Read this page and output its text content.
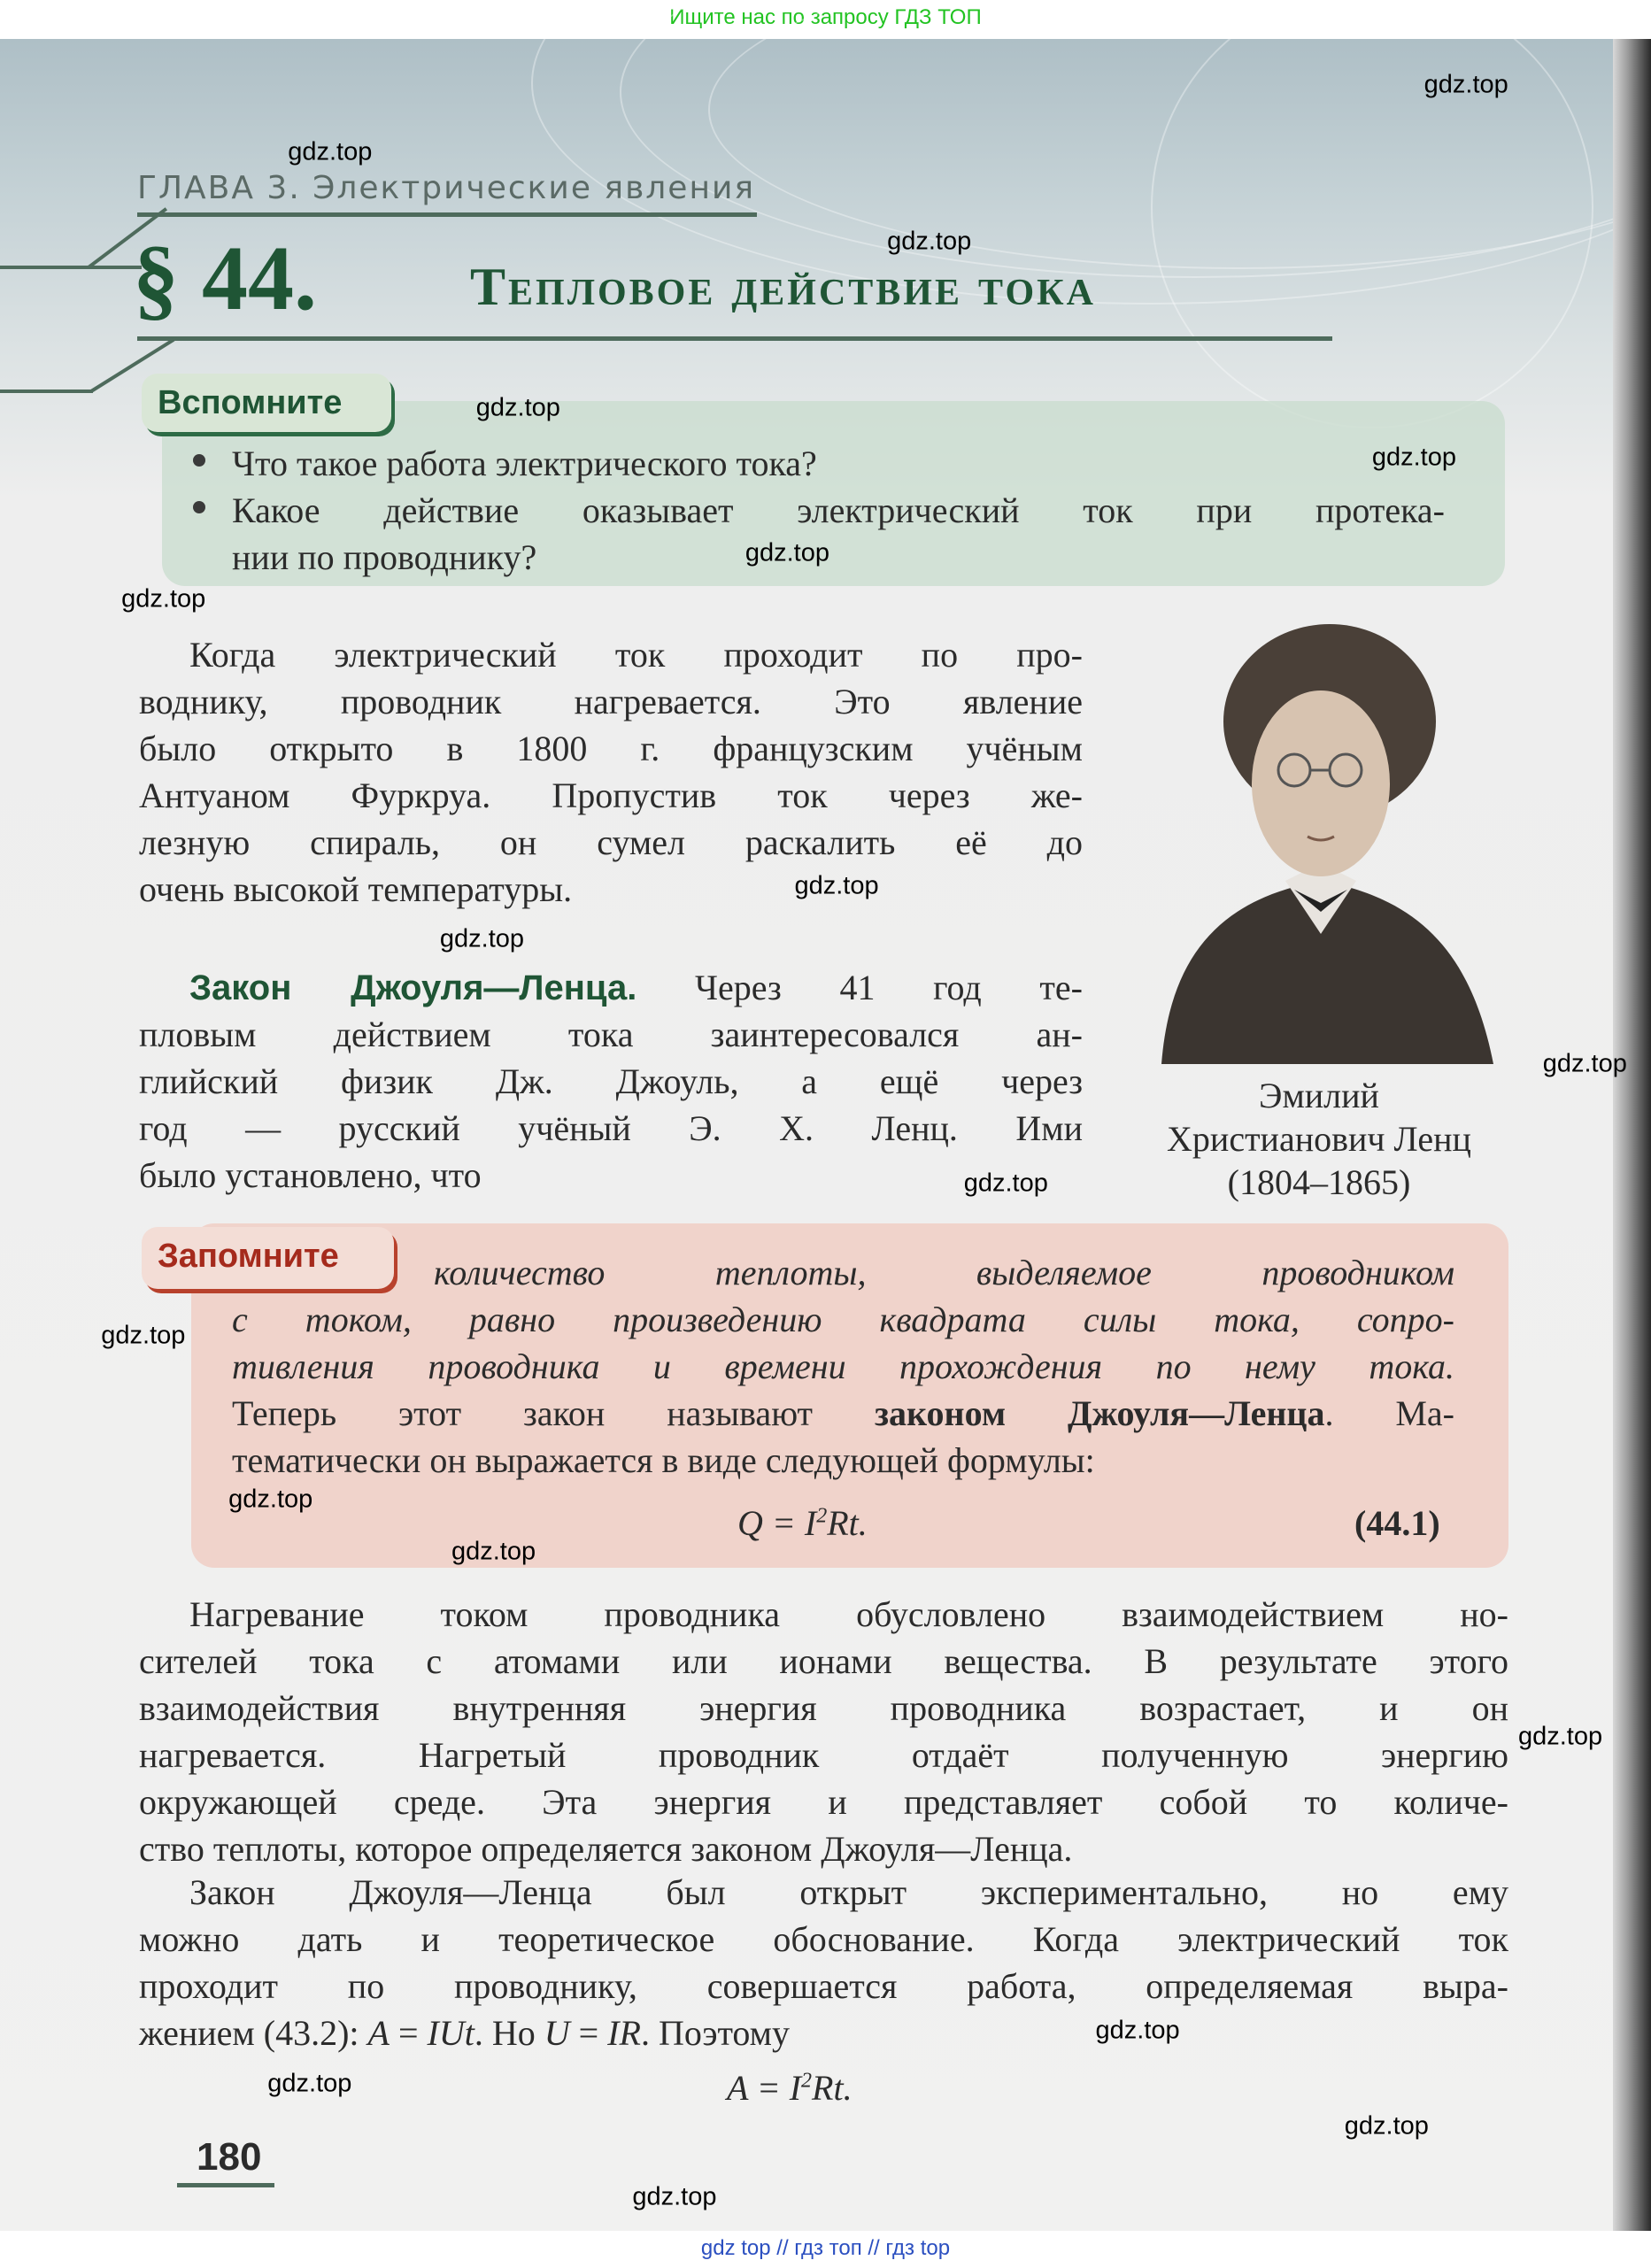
Ищите нас по запросу ГДЗ ТОП
ГЛАВА 3. Электрические явления
§ 44.	Тепловое действие тока
Вспомните
Что такое работа электрического тока?
Какое действие оказывает электрический ток при протека-
нии по проводнику?
Когда электрический ток проходит по про-
воднику, проводник нагревается. Это явление
было открыто в 1800 г. французским учёным
Антуаном Фуркруа. Пропустив ток через же-
лезную спираль, он сумел раскалить её до
очень высокой температуры.
Эмилий
Христианович Ленц
(1804–1865)
Закон Джоуля—Ленца. Через 41 год те-
пловым действием тока заинтересовался ан-
глийский физик Дж. Джоуль, а ещё через
год — русский учёный Э. Х. Ленц. Ими
было установлено, что
Запомните	количество теплоты, выделяемое проводником
с током, равно произведению квадрата силы тока, сопро-
тивления проводника и времени прохождения по нему тока.
Теперь этот закон называют законом Джоуля—Ленца. Ма-
тематически он выражается в виде следующей формулы:
$Q = I^2Rt$.	(44.1)
Нагревание током проводника обусловлено взаимодействием но-
сителей тока с атомами или ионами вещества. В результате этого
взаимодействия внутренняя энергия проводника возрастает, и он
нагревается. Нагретый проводник отдаёт полученную энергию
окружающей среде. Эта энергия и представляет собой то количе-
ство теплоты, которое определяется законом Джоуля—Ленца.
Закон Джоуля—Ленца был открыт экспериментально, но ему
можно дать и теоретическое обоснование. Когда электрический ток
проходит по проводнику, совершается работа, определяемая выра-
жением (43.2): A = IUt. Но U = IR. Поэтому
$A = I^2Rt$.
180
gdz.top
gdz.top
gdz.top
gdz.top
gdz.top
gdz.top
gdz.top
gdz.top
gdz.top
gdz.top
gdz.top
gdz.top
gdz.top
gdz.top
gdz.top
gdz.top
gdz.top
gdz.top
gdz.top
gdz top // гдз топ // гдз top
